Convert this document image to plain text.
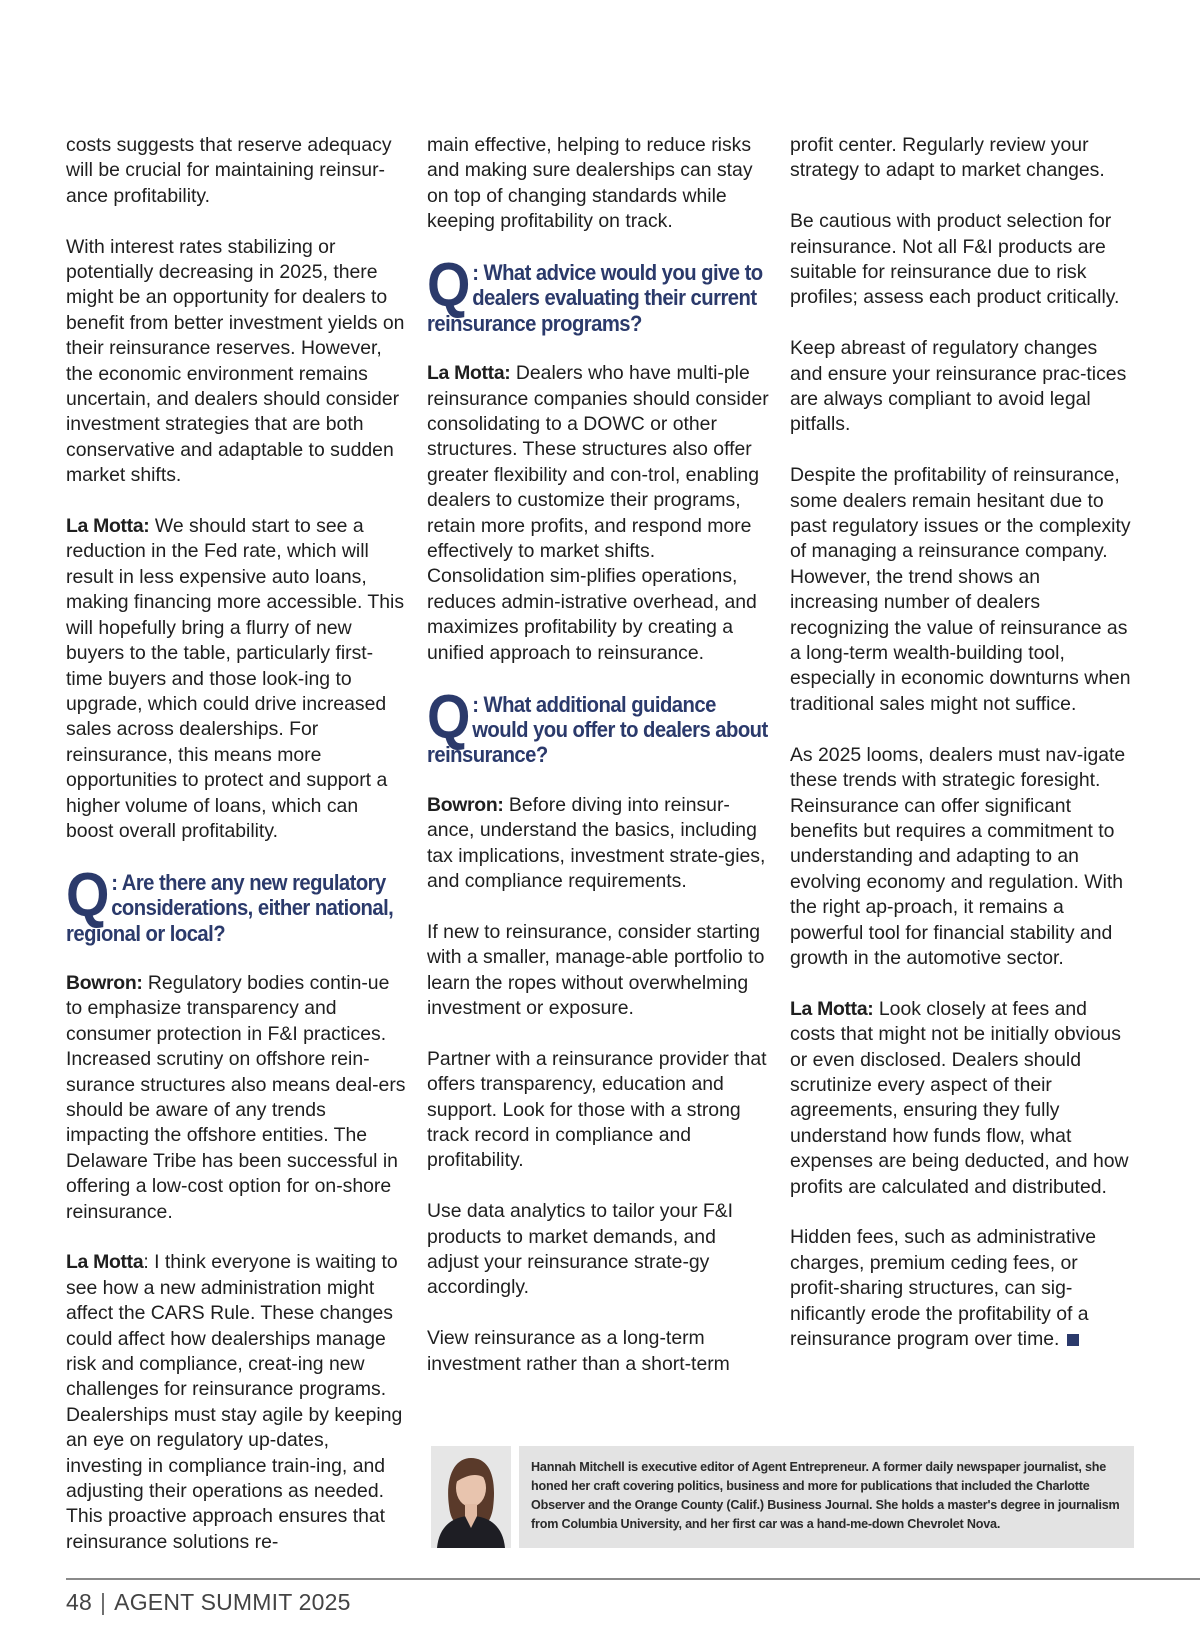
costs suggests that reserve adequacy will be crucial for maintaining reinsur-ance profitability.

With interest rates stabilizing or potentially decreasing in 2025, there might be an opportunity for dealers to benefit from better investment yields on their reinsurance reserves. However, the economic environment remains uncertain, and dealers should consider investment strategies that are both conservative and adaptable to sudden market shifts.

La Motta: We should start to see a reduction in the Fed rate, which will result in less expensive auto loans, making financing more accessible. This will hopefully bring a flurry of new buyers to the table, particularly first-time buyers and those look-ing to upgrade, which could drive increased sales across dealerships. For reinsurance, this means more opportunities to protect and support a higher volume of loans, which can boost overall profitability.

Q : Are there any new regulatory considerations, either national, regional or local?

Bowron: Regulatory bodies contin-ue to emphasize transparency and consumer protection in F&I practices. Increased scrutiny on offshore rein-surance structures also means deal-ers should be aware of any trends impacting the offshore entities. The Delaware Tribe has been successful in offering a low-cost option for on-shore reinsurance.

La Motta: I think everyone is waiting to see how a new administration might affect the CARS Rule. These changes could affect how dealerships manage risk and compliance, creat-ing new challenges for reinsurance programs. Dealerships must stay agile by keeping an eye on regulatory up-dates, investing in compliance train-ing, and adjusting their operations as needed. This proactive approach ensures that reinsurance solutions re-

main effective, helping to reduce risks and making sure dealerships can stay on top of changing standards while keeping profitability on track.

Q : What advice would you give to dealers evaluating their current reinsurance programs?

La Motta: Dealers who have multi-ple reinsurance companies should consider consolidating to a DOWC or other structures. These structures also offer greater flexibility and con-trol, enabling dealers to customize their programs, retain more profits, and respond more effectively to market shifts. Consolidation sim-plifies operations, reduces admin-istrative overhead, and maximizes profitability by creating a unified approach to reinsurance.

Q : What additional guidance would you offer to dealers about reinsurance?

Bowron: Before diving into reinsur-ance, understand the basics, including tax implications, investment strate-gies, and compliance requirements.

If new to reinsurance, consider starting with a smaller, manage-able portfolio to learn the ropes without overwhelming investment or exposure.

Partner with a reinsurance provider that offers transparency, education and support. Look for those with a strong track record in compliance and profitability.

Use data analytics to tailor your F&I products to market demands, and adjust your reinsurance strate-gy accordingly.

View reinsurance as a long-term investment rather than a short-term

profit center. Regularly review your strategy to adapt to market changes.

Be cautious with product selection for reinsurance. Not all F&I products are suitable for reinsurance due to risk profiles; assess each product critically.

Keep abreast of regulatory changes and ensure your reinsurance prac-tices are always compliant to avoid legal pitfalls.

Despite the profitability of reinsurance, some dealers remain hesitant due to past regulatory issues or the complexity of managing a reinsurance company. However, the trend shows an increasing number of dealers recognizing the value of reinsurance as a long-term wealth-building tool, especially in economic downturns when traditional sales might not suffice.

As 2025 looms, dealers must nav-igate these trends with strategic foresight. Reinsurance can offer significant benefits but requires a commitment to understanding and adapting to an evolving economy and regulation. With the right ap-proach, it remains a powerful tool for financial stability and growth in the automotive sector.

La Motta: Look closely at fees and costs that might not be initially obvious or even disclosed. Dealers should scrutinize every aspect of their agreements, ensuring they fully understand how funds flow, what expenses are being deducted, and how profits are calculated and distributed.

Hidden fees, such as administrative charges, premium ceding fees, or profit-sharing structures, can sig-nificantly erode the profitability of a reinsurance program over time.

Hannah Mitchell is executive editor of Agent Entrepreneur. A former daily newspaper journalist, she honed her craft covering politics, business and more for publications that included the Charlotte Observer and the Orange County (Calif.) Business Journal. She holds a master's degree in journalism from Columbia University, and her first car was a hand-me-down Chevrolet Nova.
48 | AGENT SUMMIT 2025
